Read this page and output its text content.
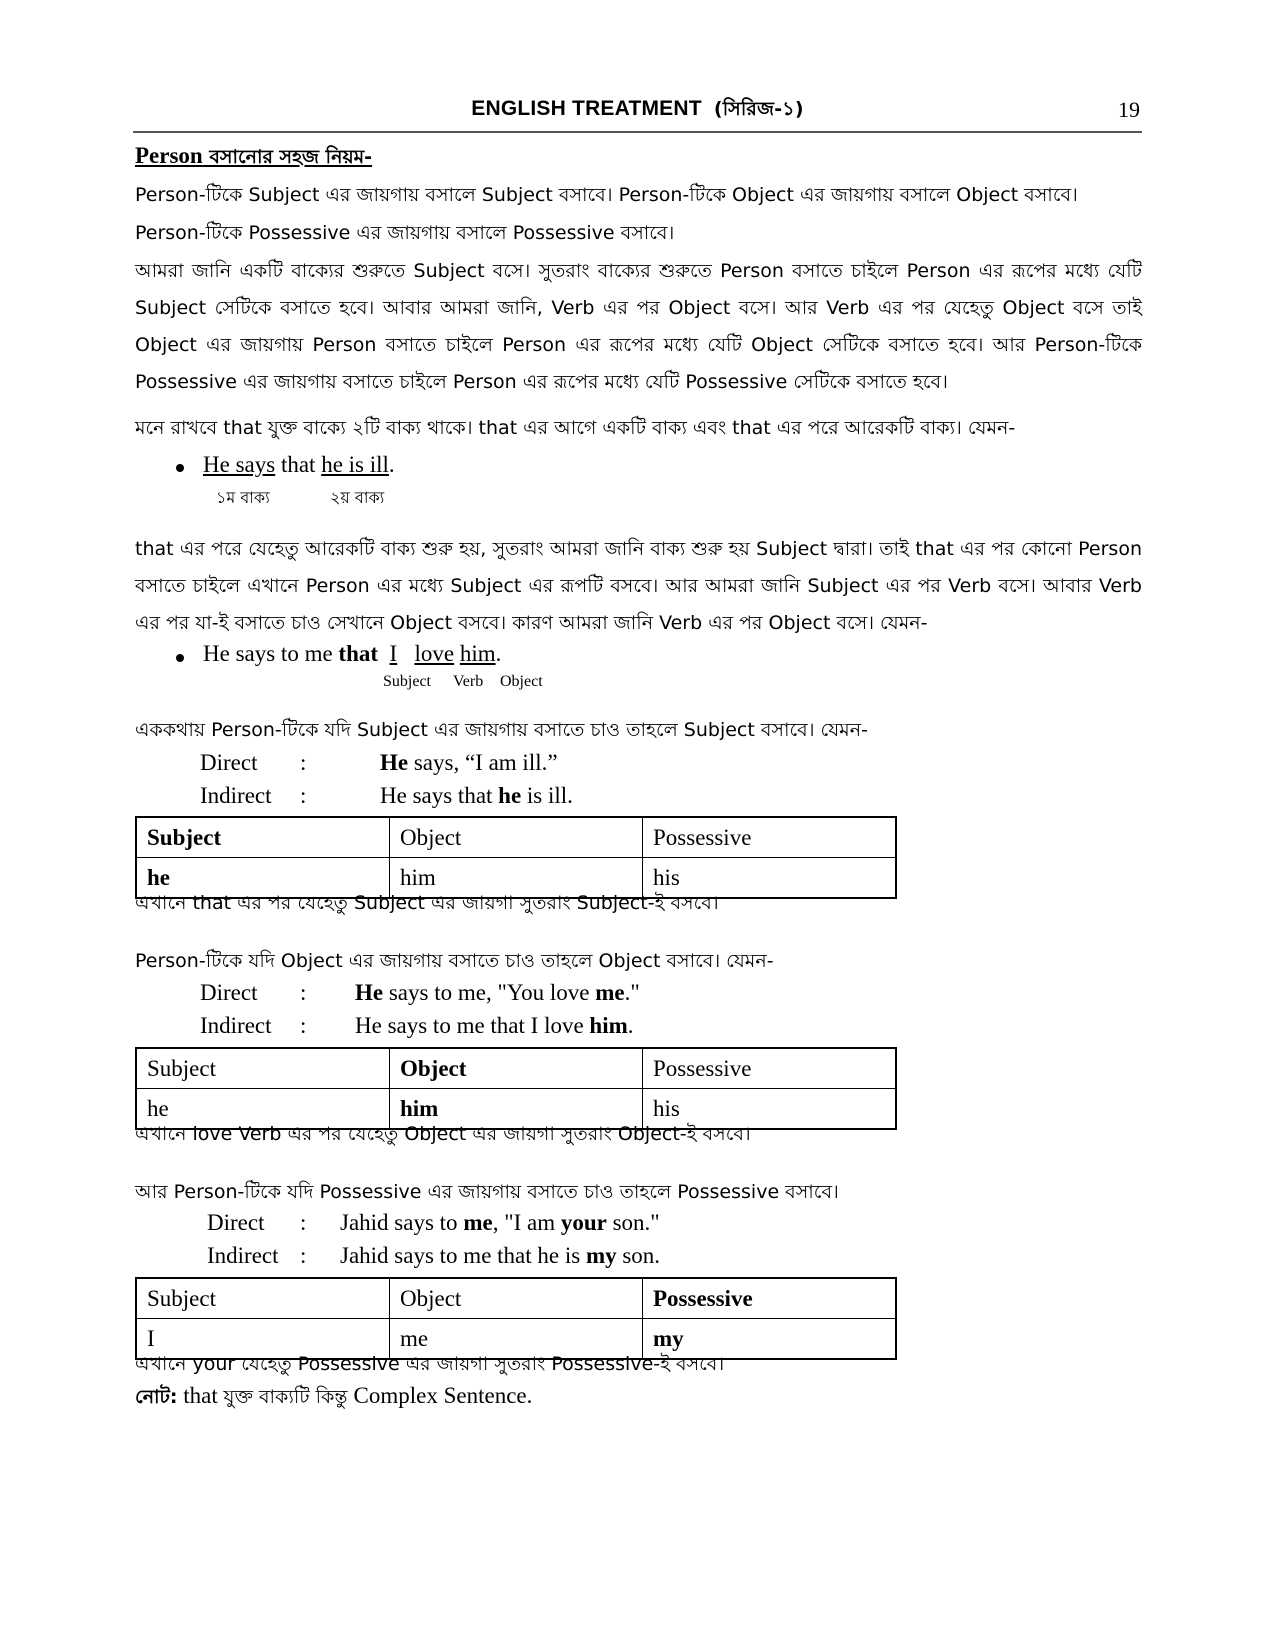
ENGLISH TREATMENT (সিরিজ-১)	19
Person বসানোর সহজ নিয়ম-
Person-টিকে Subject এর জায়গায় বসালে Subject বসাবে। Person-টিকে Object এর জায়গায় বসালে Object বসাবে।
Person-টিকে Possessive এর জায়গায় বসালে Possessive বসাবে।
আমরা জানি একটি বাক্যের শুরুতে Subject বসে। সুতরাং বাক্যের শুরুতে Person বসাতে চাইলে Person এর রূপের মধ্যে যেটি Subject সেটিকে বসাতে হবে। আবার আমরা জানি, Verb এর পর Object বসে। আর Verb এর পর যেহেতু Object বসে তাই Object এর জায়গায় Person বসাতে চাইলে Person এর রূপের মধ্যে যেটি Object সেটিকে বসাতে হবে। আর Person-টিকে Possessive এর জায়গায় বসাতে চাইলে Person এর রূপের মধ্যে যেটি Possessive সেটিকে বসাতে হবে।
মনে রাখবে that যুক্ত বাক্যে ২টি বাক্য থাকে। that এর আগে একটি বাক্য এবং that এর পরে আরেকটি বাক্য। যেমন-
He says that he is ill.
১ম বাক্য	২য় বাক্য
that এর পরে যেহেতু আরেকটি বাক্য শুরু হয়, সুতরাং আমরা জানি বাক্য শুরু হয় Subject দ্বারা। তাই that এর পর কোনো Person বসাতে চাইলে এখানে Person এর মধ্যে Subject এর রূপটি বসবে। আর আমরা জানি Subject এর পর Verb বসে। আবার Verb এর পর যা-ই বসাতে চাও সেখানে Object বসবে। কারণ আমরা জানি Verb এর পর Object বসে। যেমন-
He says to me that I love him.
Subject Verb Object
এককথায় Person-টিকে যদি Subject এর জায়গায় বসাতে চাও তাহলে Subject বসাবে। যেমন-
Direct :	He says, “I am ill.”
Indirect :	He says that he is ill.
Subject	Object	Possessive
he	him	his
এখানে that এর পর যেহেতু Subject এর জায়গা সুতরাং Subject-ই বসবে।
Person-টিকে যদি Object এর জায়গায় বসাতে চাও তাহলে Object বসাবে। যেমন-
Direct : He says to me, "You love me."
Indirect : He says to me that I love him.
Subject	Object	Possessive
he	him	his
এখানে love Verb এর পর যেহেতু Object এর জায়গা সুতরাং Object-ই বসবে।
আর Person-টিকে যদি Possessive এর জায়গায় বসাতে চাও তাহলে Possessive বসাবে।
Direct : Jahid says to me, "I am your son."
Indirect : Jahid says to me that he is my son.
Subject	Object	Possessive
I	me	my
এখানে your যেহেতু Possessive এর জায়গা সুতরাং Possessive-ই বসবে।
নোট: that যুক্ত বাক্যটি কিন্তু Complex Sentence.
